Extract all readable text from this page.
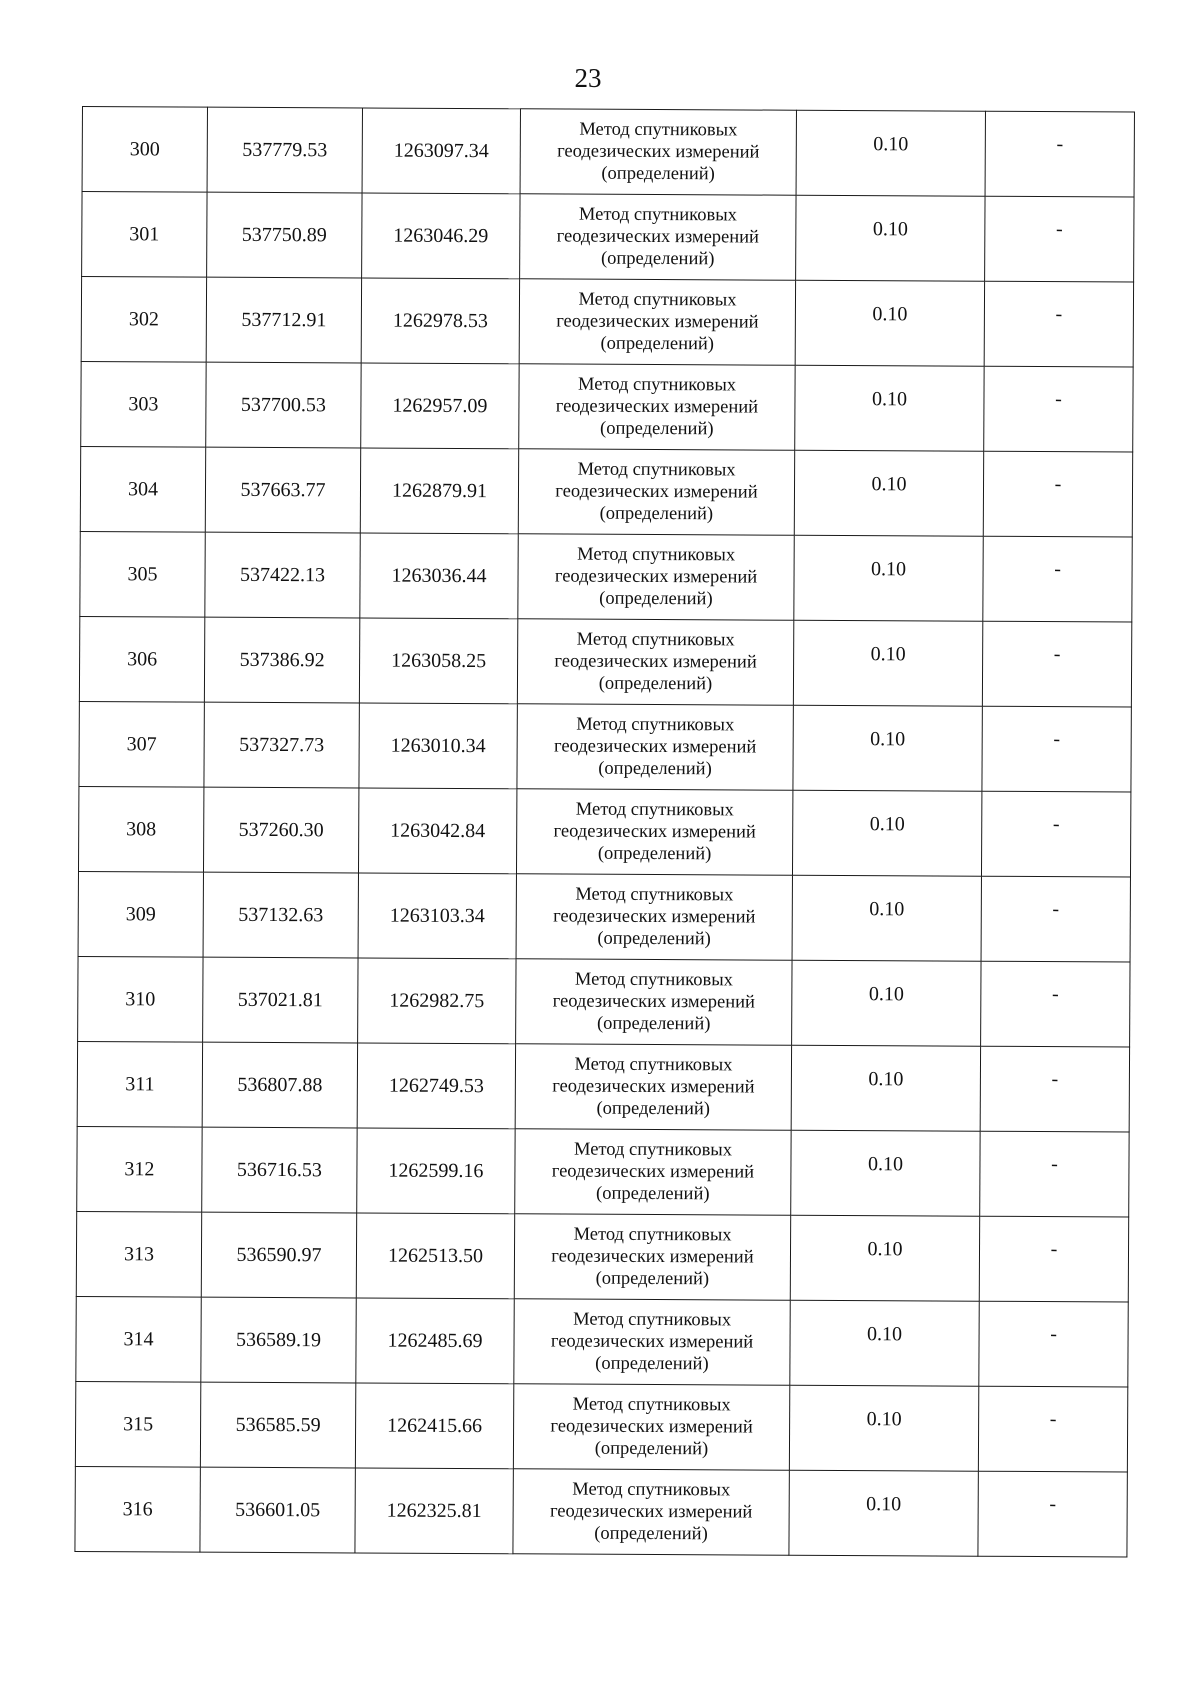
23
300	537779.53	1263097.34	Метод спутниковых
геодезических измерений
(определений)	0.10	-
301	537750.89	1263046.29	Метод спутниковых
геодезических измерений
(определений)	0.10	-
302	537712.91	1262978.53	Метод спутниковых
геодезических измерений
(определений)	0.10	-
303	537700.53	1262957.09	Метод спутниковых
геодезических измерений
(определений)	0.10	-
304	537663.77	1262879.91	Метод спутниковых
геодезических измерений
(определений)	0.10	-
305	537422.13	1263036.44	Метод спутниковых
геодезических измерений
(определений)	0.10	-
306	537386.92	1263058.25	Метод спутниковых
геодезических измерений
(определений)	0.10	-
307	537327.73	1263010.34	Метод спутниковых
геодезических измерений
(определений)	0.10	-
308	537260.30	1263042.84	Метод спутниковых
геодезических измерений
(определений)	0.10	-
309	537132.63	1263103.34	Метод спутниковых
геодезических измерений
(определений)	0.10	-
310	537021.81	1262982.75	Метод спутниковых
геодезических измерений
(определений)	0.10	-
311	536807.88	1262749.53	Метод спутниковых
геодезических измерений
(определений)	0.10	-
312	536716.53	1262599.16	Метод спутниковых
геодезических измерений
(определений)	0.10	-
313	536590.97	1262513.50	Метод спутниковых
геодезических измерений
(определений)	0.10	-
314	536589.19	1262485.69	Метод спутниковых
геодезических измерений
(определений)	0.10	-
315	536585.59	1262415.66	Метод спутниковых
геодезических измерений
(определений)	0.10	-
316	536601.05	1262325.81	Метод спутниковых
геодезических измерений
(определений)	0.10	-
